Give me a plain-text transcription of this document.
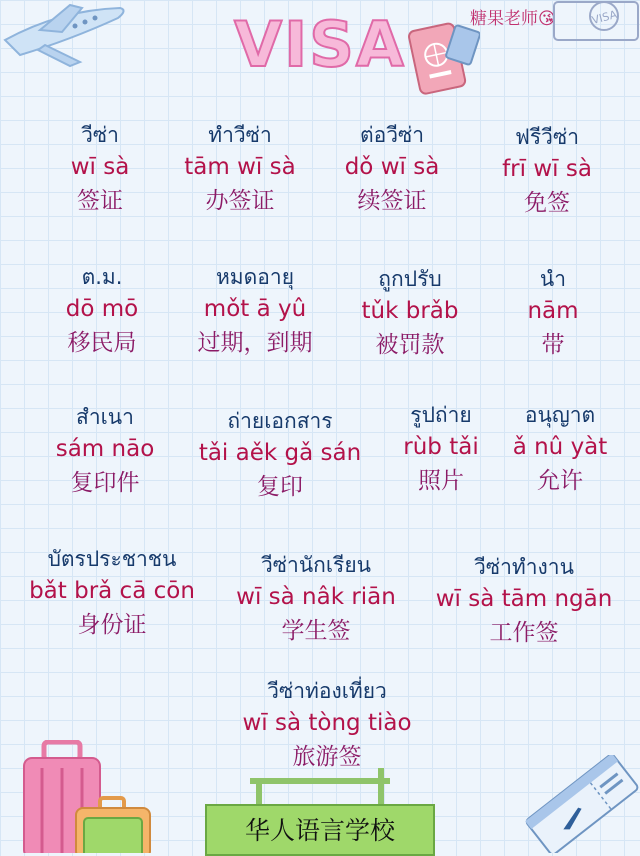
VISA	糖果老师😘	VISA
วีซ่า
wī sà
签证
ทำวีซ่า
tām wī sà
办签证
ต่อวีซ่า
dǒ wī sà
续签证
ฟรีวีซ่า
frī wī sà
免签
ต.ม.
dō mō
移民局
หมดอายุ
mǒt ā yû
过期，到期
ถูกปรับ
tǔk brǎb
被罚款
นำ
nām
带
สำเนา
sám nāo
复印件
ถ่ายเอกสาร
tǎi aěk gǎ sán
复印
รูปถ่าย
rùb tǎi
照片
อนุญาต
ǎ nû yàt
允许
บัตรประชาชน
bǎt brǎ cā cōn
身份证
วีซ่านักเรียน
wī sà nâk riān
学生签
วีซ่าทำงาน
wī sà tām ngān
工作签
วีซ่าท่องเที่ยว
wī sà tòng tiào
旅游签
华人语言学校
